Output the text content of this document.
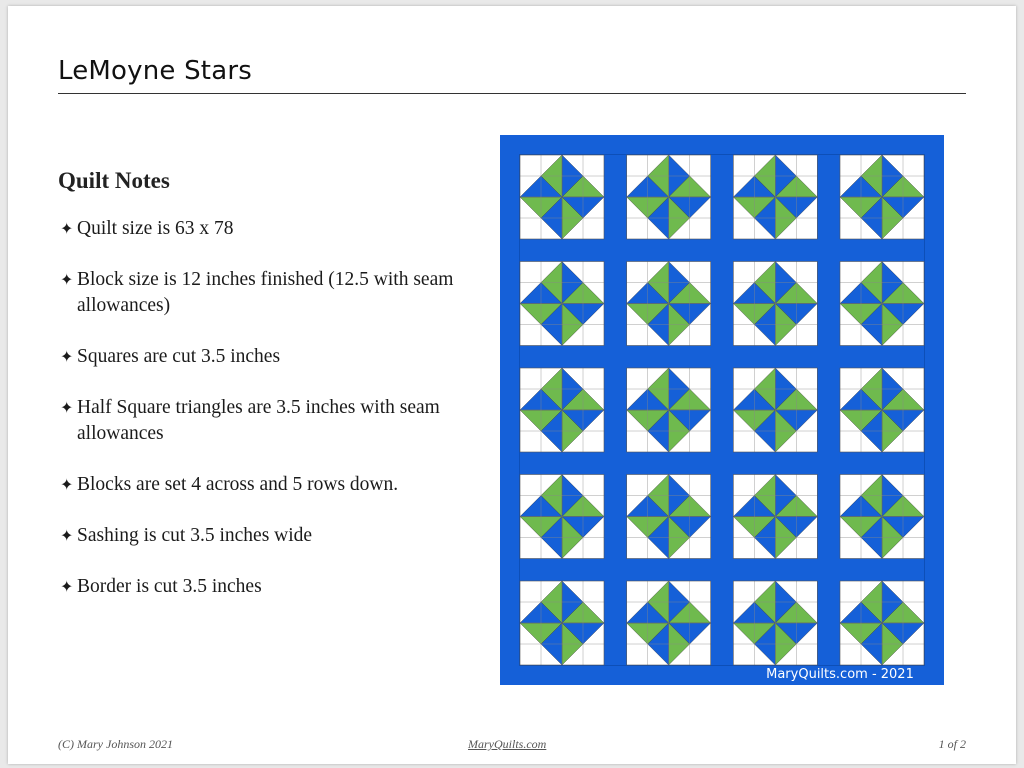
LeMoyne Stars
Quilt Notes
✦ Quilt size is 63 x 78
✦ Block size is 12 inches finished (12.5 with seam allowances)
✦ Squares are cut 3.5 inches
✦ Half Square triangles are 3.5 inches with seam allowances
✦ Blocks are set 4 across and 5 rows down.
✦ Sashing is cut 3.5 inches wide
✦ Border is cut 3.5 inches
MaryQuilts.com - 2021
(C) Mary Johnson 2021	MaryQuilts.com	1 of 2
